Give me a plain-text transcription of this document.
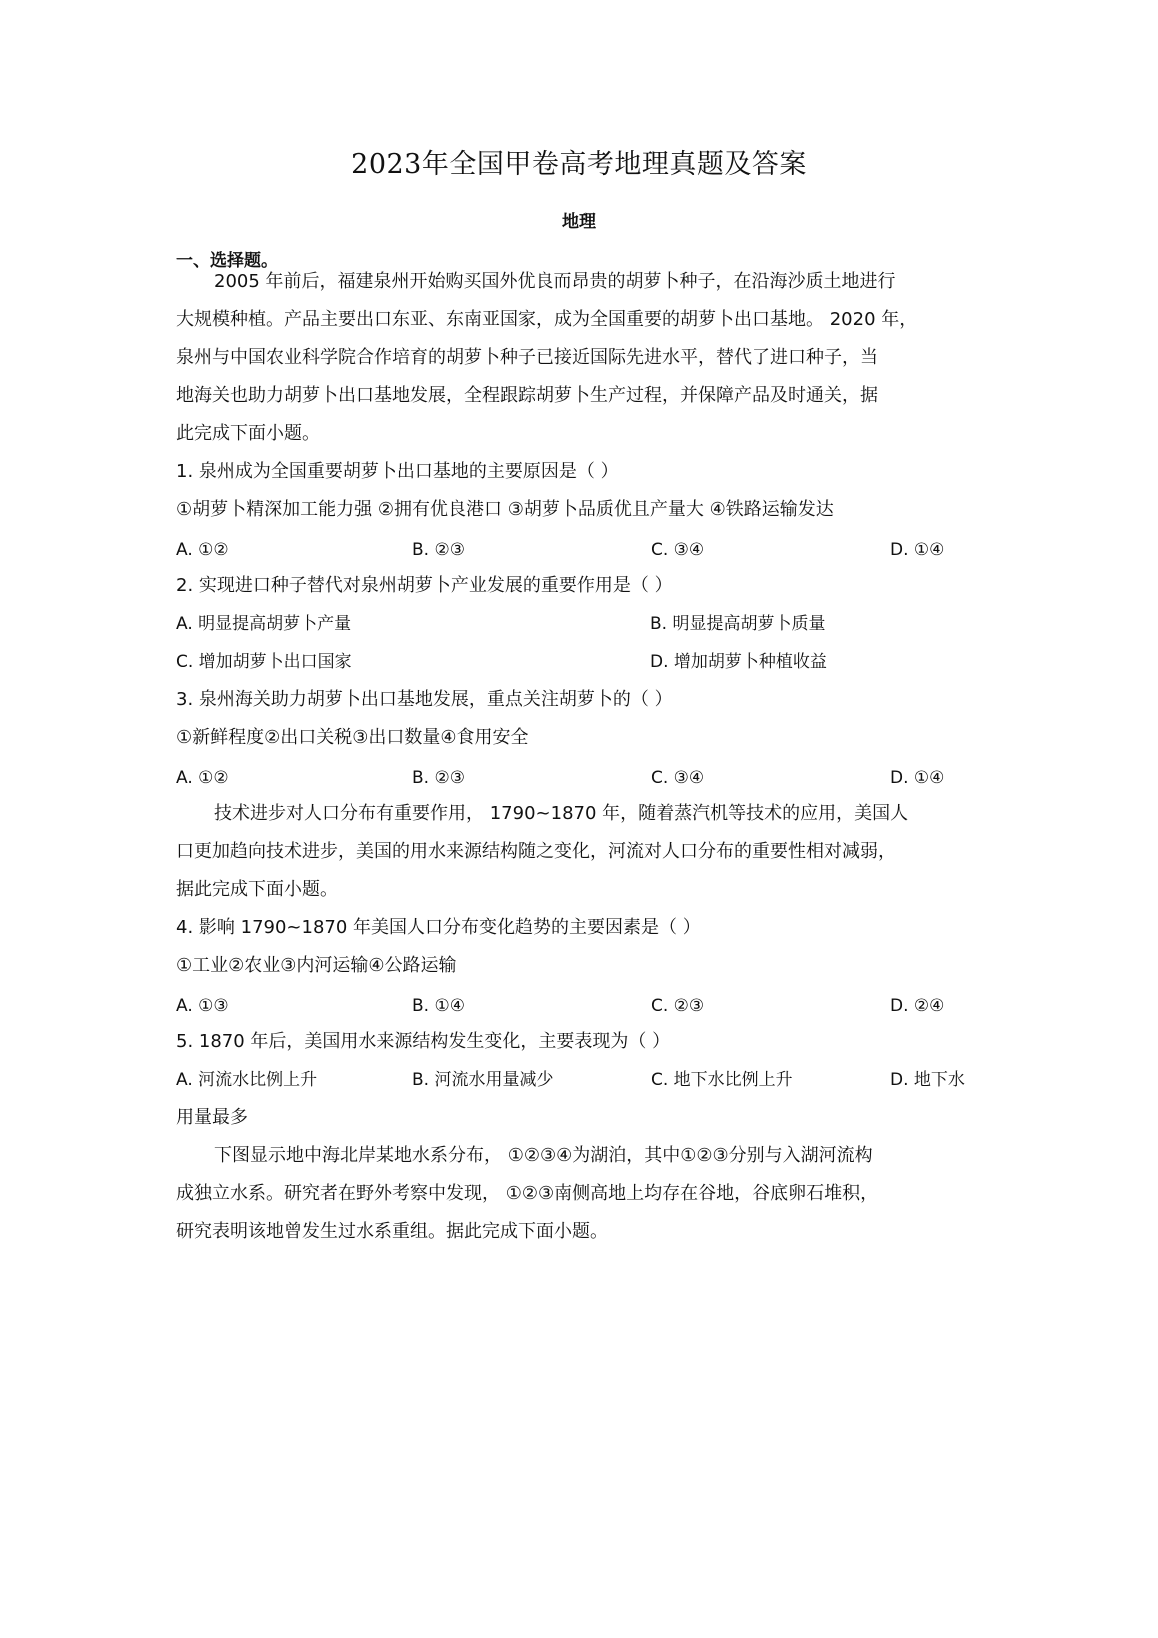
2023年全国甲卷高考地理真题及答案
地理
一、选择题。
2005 年前后，福建泉州开始购买国外优良而昂贵的胡萝卜种子，在沿海沙质土地进行
大规模种植。产品主要出口东亚、东南亚国家，成为全国重要的胡萝卜出口基地。 2020 年，
泉州与中国农业科学院合作培育的胡萝卜种子已接近国际先进水平，替代了进口种子，当
地海关也助力胡萝卜出口基地发展，全程跟踪胡萝卜生产过程，并保障产品及时通关，据
此完成下面小题。
1. 泉州成为全国重要胡萝卜出口基地的主要原因是（ ）
①胡萝卜精深加工能力强 ②拥有优良港口 ③胡萝卜品质优且产量大 ④铁路运输发达
A. ①②	B. ②③	C. ③④	D. ①④
2. 实现进口种子替代对泉州胡萝卜产业发展的重要作用是（ ）
A. 明显提高胡萝卜产量	B. 明显提高胡萝卜质量
C. 增加胡萝卜出口国家	D. 增加胡萝卜种植收益
3. 泉州海关助力胡萝卜出口基地发展，重点关注胡萝卜的（ ）
①新鲜程度②出口关税③出口数量④食用安全
A. ①②	B. ②③	C. ③④	D. ①④
技术进步对人口分布有重要作用， 1790~1870 年，随着蒸汽机等技术的应用，美国人
口更加趋向技术进步，美国的用水来源结构随之变化，河流对人口分布的重要性相对减弱，
据此完成下面小题。
4. 影响 1790~1870 年美国人口分布变化趋势的主要因素是（ ）
①工业②农业③内河运输④公路运输
A. ①③	B. ①④	C. ②③	D. ②④
5. 1870 年后，美国用水来源结构发生变化，主要表现为（ ）
A. 河流水比例上升	B. 河流水用量减少	C. 地下水比例上升	D. 地下水
用量最多
下图显示地中海北岸某地水系分布， ①②③④为湖泊，其中①②③分别与入湖河流构
成独立水系。研究者在野外考察中发现， ①②③南侧高地上均存在谷地，谷底卵石堆积，
研究表明该地曾发生过水系重组。据此完成下面小题。
